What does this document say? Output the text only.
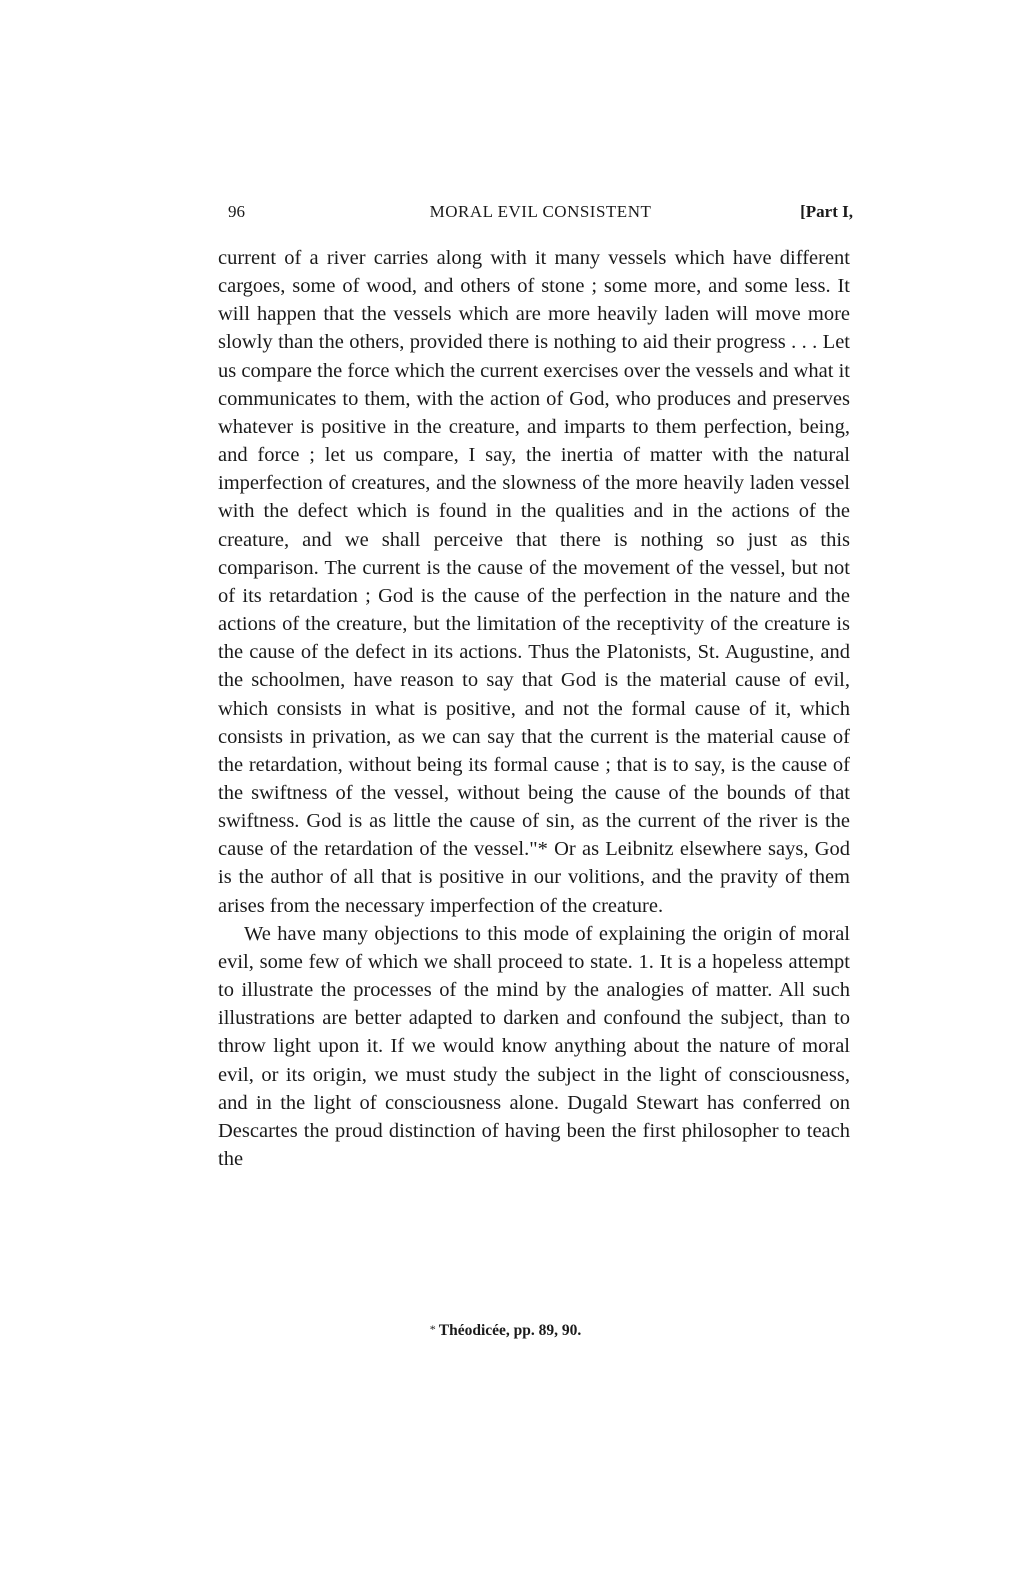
96	MORAL EVIL CONSISTENT	[Part I,

current of a river carries along with it many vessels which have different cargoes, some of wood, and others of stone ; some more, and some less. It will happen that the vessels which are more heavily laden will move more slowly than the others, provided there is nothing to aid their progress . . . Let us compare the force which the current exercises over the vessels and what it communicates to them, with the action of God, who produces and preserves whatever is positive in the creature, and imparts to them perfection, being, and force ; let us compare, I say, the inertia of matter with the natural imperfection of creatures, and the slowness of the more heavily laden vessel with the defect which is found in the qualities and in the actions of the creature, and we shall perceive that there is nothing so just as this comparison. The current is the cause of the movement of the vessel, but not of its retardation ; God is the cause of the perfection in the nature and the actions of the creature, but the limitation of the receptivity of the creature is the cause of the defect in its actions. Thus the Platonists, St. Augustine, and the schoolmen, have reason to say that God is the material cause of evil, which consists in what is positive, and not the formal cause of it, which consists in privation, as we can say that the current is the material cause of the retardation, without being its formal cause ; that is to say, is the cause of the swiftness of the vessel, without being the cause of the bounds of that swiftness. God is as little the cause of sin, as the current of the river is the cause of the retardation of the vessel."* Or as Leibnitz elsewhere says, God is the author of all that is positive in our volitions, and the pravity of them arises from the necessary imperfection of the creature.

We have many objections to this mode of explaining the origin of moral evil, some few of which we shall proceed to state. 1. It is a hopeless attempt to illustrate the processes of the mind by the analogies of matter. All such illustrations are better adapted to darken and confound the subject, than to throw light upon it. If we would know anything about the nature of moral evil, or its origin, we must study the subject in the light of consciousness, and in the light of consciousness alone. Dugald Stewart has conferred on Descartes the proud distinction of having been the first philosopher to teach the

* Théodicée, pp. 89, 90.
